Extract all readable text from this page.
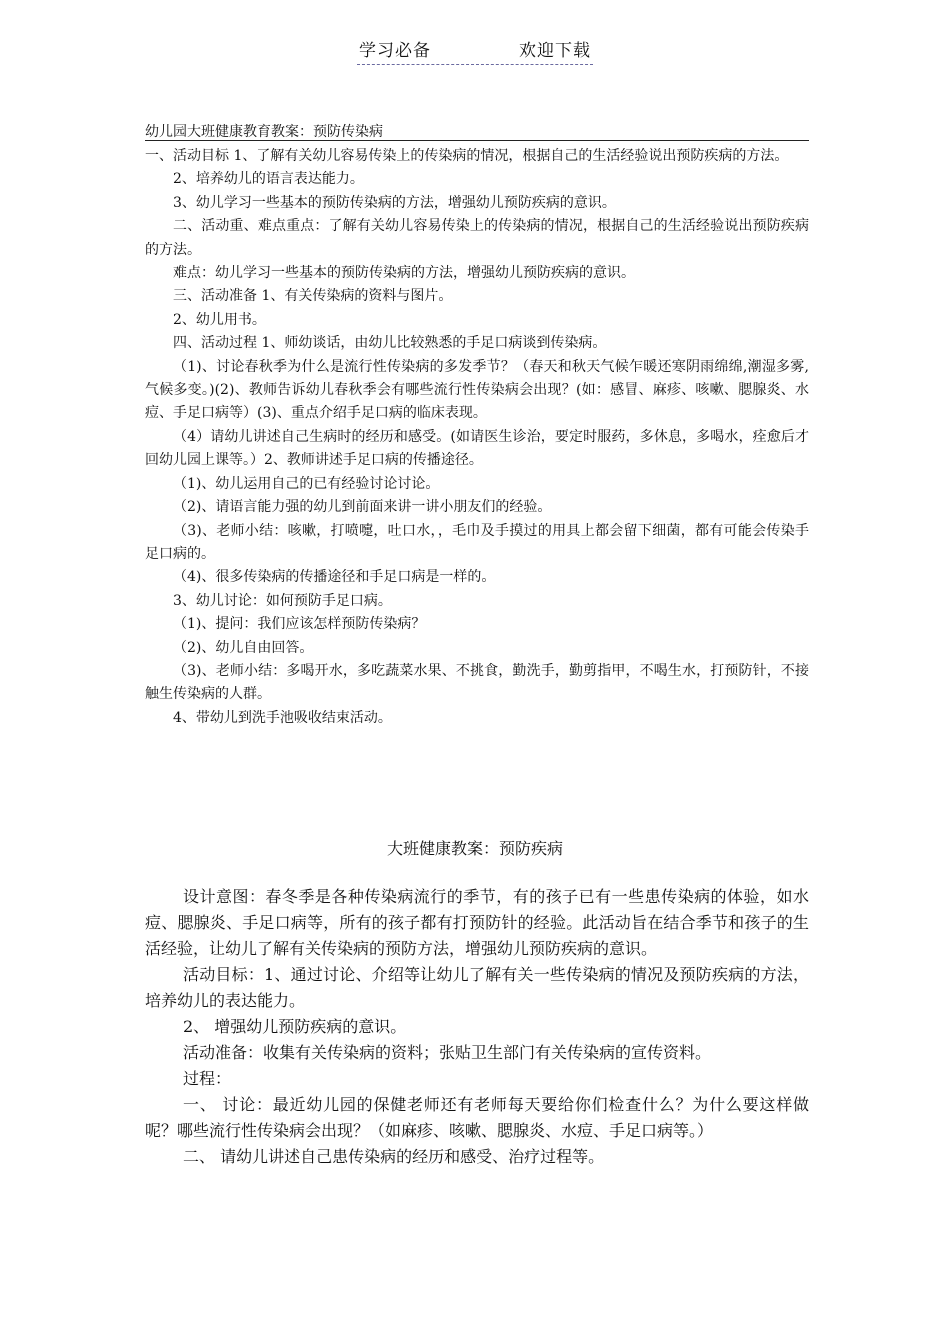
学习必备	欢迎下载
幼儿园大班健康教育教案：预防传染病

一、活动目标 1、了解有关幼儿容易传染上的传染病的情况，根据自己的生活经验说出预防疾病的方法。

2、培养幼儿的语言表达能力。

3、幼儿学习一些基本的预防传染病的方法，增强幼儿预防疾病的意识。

二、活动重、难点重点：了解有关幼儿容易传染上的传染病的情况，根据自己的生活经验说出预防疾病的方法。

难点：幼儿学习一些基本的预防传染病的方法，增强幼儿预防疾病的意识。

三、活动准备 1、有关传染病的资料与图片。

2、幼儿用书。

四、活动过程 1、师幼谈话，由幼儿比较熟悉的手足口病谈到传染病。

（1)、讨论春秋季为什么是流行性传染病的多发季节？（春天和秋天气候乍暖还寒阴雨绵绵,潮湿多雾,气候多变。)(2)、教师告诉幼儿春秋季会有哪些流行性传染病会出现？(如：感冒、麻疹、咳嗽、腮腺炎、水痘、手足口病等）(3)、重点介绍手足口病的临床表现。

（4）请幼儿讲述自己生病时的经历和感受。(如请医生诊治，要定时服药，多休息，多喝水，痊愈后才回幼儿园上课等。）2、教师讲述手足口病的传播途径。

（1)、幼儿运用自己的已有经验讨论讨论。

（2)、请语言能力强的幼儿到前面来讲一讲小朋友们的经验。

（3)、老师小结：咳嗽，打喷嚏，吐口水，，毛巾及手摸过的用具上都会留下细菌，都有可能会传染手足口病的。

（4)、很多传染病的传播途径和手足口病是一样的。

3、幼儿讨论：如何预防手足口病。

（1)、提问：我们应该怎样预防传染病？

（2)、幼儿自由回答。

（3)、老师小结：多喝开水，多吃蔬菜水果、不挑食，勤洗手，勤剪指甲，不喝生水，打预防针，不接触生传染病的人群。

4、带幼儿到洗手池吸收结束活动。

大班健康教案：预防疾病

设计意图：春冬季是各种传染病流行的季节，有的孩子已有一些患传染病的体验，如水痘、腮腺炎、手足口病等，所有的孩子都有打预防针的经验。此活动旨在结合季节和孩子的生活经验，让幼儿了解有关传染病的预防方法，增强幼儿预防疾病的意识。

活动目标：1、通过讨论、介绍等让幼儿了解有关一些传染病的情况及预防疾病的方法，培养幼儿的表达能力。

2、 增强幼儿预防疾病的意识。

活动准备：收集有关传染病的资料；张贴卫生部门有关传染病的宣传资料。

过程：

一、 讨论：最近幼儿园的保健老师还有老师每天要给你们检查什么？为什么要这样做呢？哪些流行性传染病会出现？（如麻疹、咳嗽、腮腺炎、水痘、手足口病等。）

二、 请幼儿讲述自己患传染病的经历和感受、治疗过程等。
